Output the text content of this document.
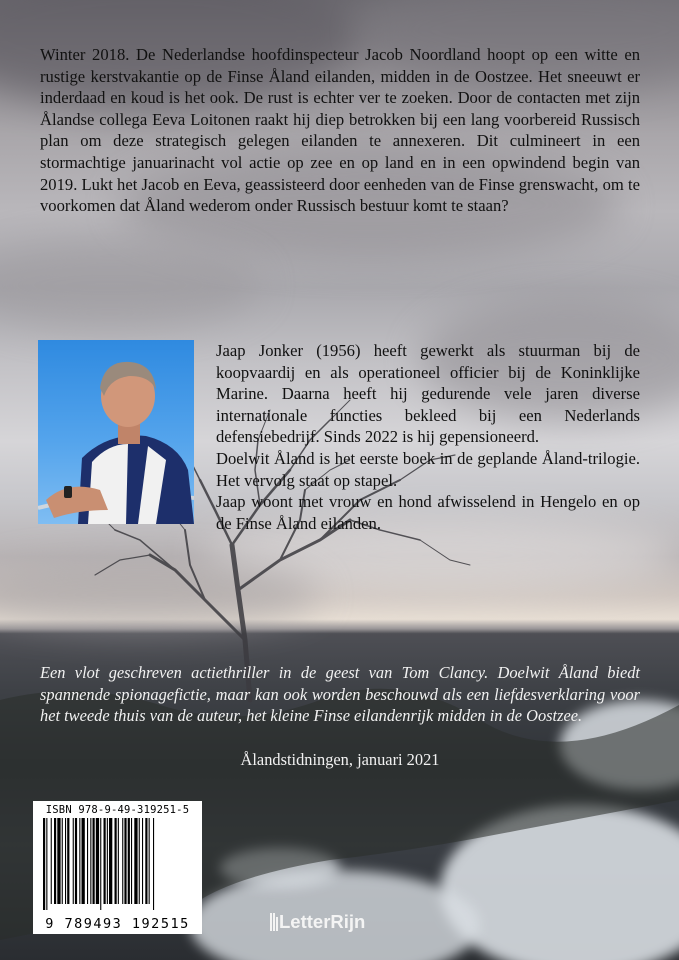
Winter 2018. De Nederlandse hoofdinspecteur Jacob Noordland hoopt op een witte en rustige kerstvakantie op de Finse Åland eilanden, midden in de Oostzee. Het sneeuwt er inderdaad en koud is het ook. De rust is echter ver te zoeken. Door de contacten met zijn Ålandse collega Eeva Loitonen raakt hij diep betrokken bij een lang voorbereid Russisch plan om deze strategisch gelegen eilanden te annexeren. Dit culmineert in een stormachtige januarinacht vol actie op zee en op land en in een opwindend begin van 2019. Lukt het Jacob en Eeva, geassisteerd door eenheden van de Finse grenswacht, om te voorkomen dat Åland wederom onder Russisch bestuur komt te staan?

Jaap Jonker (1956) heeft gewerkt als stuurman bij de koopvaardij en als operationeel officier bij de Koninklijke Marine. Daarna heeft hij gedurende vele jaren diverse internationale functies bekleed bij een Nederlands defensiebedrijf. Sinds 2022 is hij gepensioneerd.

Doelwit Åland is het eerste boek in de geplande Åland-trilogie. Het vervolg staat op stapel.

Jaap woont met vrouw en hond afwisselend in Hengelo en op de Finse Åland eilanden.

Een vlot geschreven actiethriller in de geest van Tom Clancy. Doelwit Åland biedt spannende spionagefictie, maar kan ook worden beschouwd als een liefdesverklaring voor het tweede thuis van de auteur, het kleine Finse eilandenrijk midden in de Oostzee.

Ålandstidningen, januari 2021

ISBN 978-9-49-319251-5
9 789493 192515	LetterRijn
